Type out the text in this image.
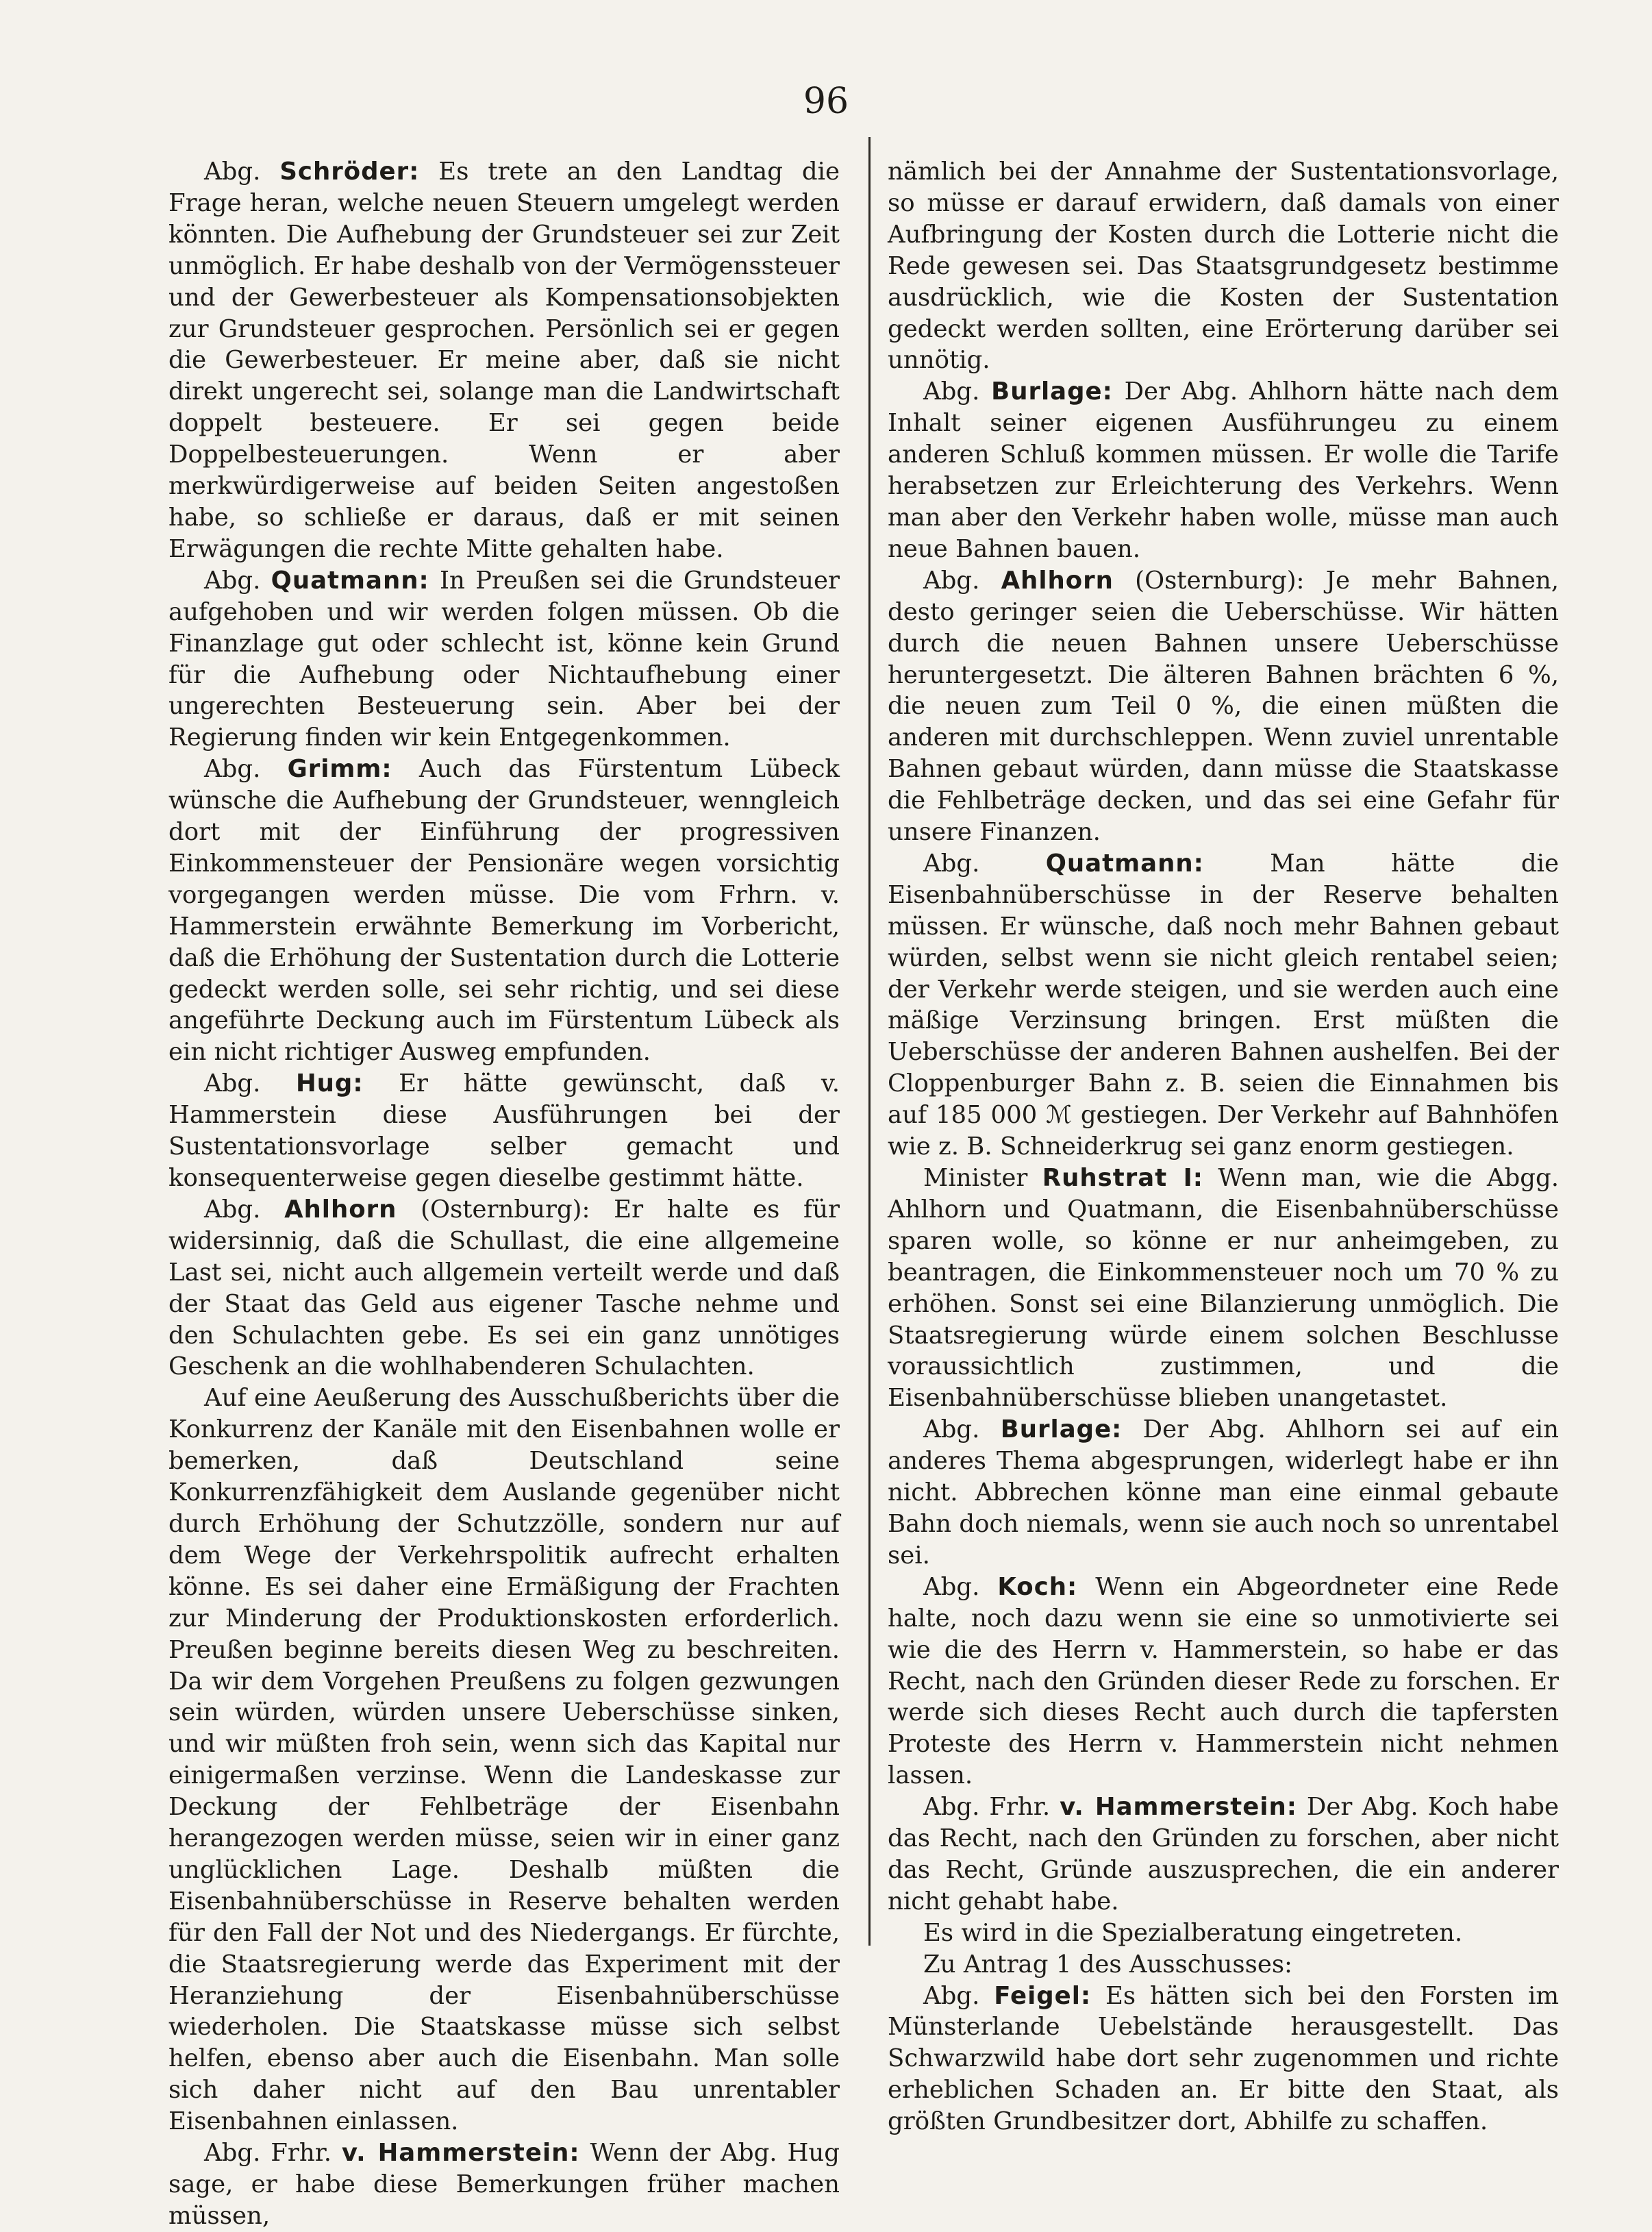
96

Abg. Schröder: Es trete an den Landtag die Frage heran, welche neuen Steuern umgelegt werden könnten. Die Aufhebung der Grundsteuer sei zur Zeit unmöglich. Er habe deshalb von der Vermögenssteuer und der Gewerbesteuer als Kompensationsobjekten zur Grundsteuer gesprochen. Persönlich sei er gegen die Gewerbesteuer. Er meine aber, daß sie nicht direkt ungerecht sei, solange man die Landwirtschaft doppelt besteuere. Er sei gegen beide Doppelbesteuerungen. Wenn er aber merkwürdigerweise auf beiden Seiten angestoßen habe, so schließe er daraus, daß er mit seinen Erwägungen die rechte Mitte gehalten habe.

Abg. Quatmann: In Preußen sei die Grundsteuer aufgehoben und wir werden folgen müssen. Ob die Finanzlage gut oder schlecht ist, könne kein Grund für die Aufhebung oder Nichtaufhebung einer ungerechten Besteuerung sein. Aber bei der Regierung finden wir kein Entgegenkommen.

Abg. Grimm: Auch das Fürstentum Lübeck wünsche die Aufhebung der Grundsteuer, wenngleich dort mit der Einführung der progressiven Einkommensteuer der Pensionäre wegen vorsichtig vorgegangen werden müsse. Die vom Frhrn. v. Hammerstein erwähnte Bemerkung im Vorbericht, daß die Erhöhung der Sustentation durch die Lotterie gedeckt werden solle, sei sehr richtig, und sei diese angeführte Deckung auch im Fürstentum Lübeck als ein nicht richtiger Ausweg empfunden.

Abg. Hug: Er hätte gewünscht, daß v. Hammerstein diese Ausführungen bei der Sustentationsvorlage selber gemacht und konsequenterweise gegen dieselbe gestimmt hätte.

Abg. Ahlhorn (Osternburg): Er halte es für widersinnig, daß die Schullast, die eine allgemeine Last sei, nicht auch allgemein verteilt werde und daß der Staat das Geld aus eigener Tasche nehme und den Schulachten gebe. Es sei ein ganz unnötiges Geschenk an die wohlhabenderen Schulachten.

Auf eine Aeußerung des Ausschußberichts über die Konkurrenz der Kanäle mit den Eisenbahnen wolle er bemerken, daß Deutschland seine Konkurrenzfähigkeit dem Auslande gegenüber nicht durch Erhöhung der Schutzzölle, sondern nur auf dem Wege der Verkehrspolitik aufrecht erhalten könne. Es sei daher eine Ermäßigung der Frachten zur Minderung der Produktionskosten erforderlich. Preußen beginne bereits diesen Weg zu beschreiten. Da wir dem Vorgehen Preußens zu folgen gezwungen sein würden, würden unsere Ueberschüsse sinken, und wir müßten froh sein, wenn sich das Kapital nur einigermaßen verzinse. Wenn die Landeskasse zur Deckung der Fehlbeträge der Eisenbahn herangezogen werden müsse, seien wir in einer ganz unglücklichen Lage. Deshalb müßten die Eisenbahnüberschüsse in Reserve behalten werden für den Fall der Not und des Niedergangs. Er fürchte, die Staatsregierung werde das Experiment mit der Heranziehung der Eisenbahnüberschüsse wiederholen. Die Staatskasse müsse sich selbst helfen, ebenso aber auch die Eisenbahn. Man solle sich daher nicht auf den Bau unrentabler Eisenbahnen einlassen.

Abg. Frhr. v. Hammerstein: Wenn der Abg. Hug sage, er habe diese Bemerkungen früher machen müssen,

nämlich bei der Annahme der Sustentationsvorlage, so müsse er darauf erwidern, daß damals von einer Aufbringung der Kosten durch die Lotterie nicht die Rede gewesen sei. Das Staatsgrundgesetz bestimme ausdrücklich, wie die Kosten der Sustentation gedeckt werden sollten, eine Erörterung darüber sei unnötig.

Abg. Burlage: Der Abg. Ahlhorn hätte nach dem Inhalt seiner eigenen Ausführungeu zu einem anderen Schluß kommen müssen. Er wolle die Tarife herabsetzen zur Erleichterung des Verkehrs. Wenn man aber den Verkehr haben wolle, müsse man auch neue Bahnen bauen.

Abg. Ahlhorn (Osternburg): Je mehr Bahnen, desto geringer seien die Ueberschüsse. Wir hätten durch die neuen Bahnen unsere Ueberschüsse heruntergesetzt. Die älteren Bahnen brächten 6 %, die neuen zum Teil 0 %, die einen müßten die anderen mit durchschleppen. Wenn zuviel unrentable Bahnen gebaut würden, dann müsse die Staatskasse die Fehlbeträge decken, und das sei eine Gefahr für unsere Finanzen.

Abg. Quatmann: Man hätte die Eisenbahnüberschüsse in der Reserve behalten müssen. Er wünsche, daß noch mehr Bahnen gebaut würden, selbst wenn sie nicht gleich rentabel seien; der Verkehr werde steigen, und sie werden auch eine mäßige Verzinsung bringen. Erst müßten die Ueberschüsse der anderen Bahnen aushelfen. Bei der Cloppenburger Bahn z. B. seien die Einnahmen bis auf 185 000 ℳ gestiegen. Der Verkehr auf Bahnhöfen wie z. B. Schneiderkrug sei ganz enorm gestiegen.

Minister Ruhstrat I: Wenn man, wie die Abgg. Ahlhorn und Quatmann, die Eisenbahnüberschüsse sparen wolle, so könne er nur anheimgeben, zu beantragen, die Einkommensteuer noch um 70 % zu erhöhen. Sonst sei eine Bilanzierung unmöglich. Die Staatsregierung würde einem solchen Beschlusse voraussichtlich zustimmen, und die Eisenbahnüberschüsse blieben unangetastet.

Abg. Burlage: Der Abg. Ahlhorn sei auf ein anderes Thema abgesprungen, widerlegt habe er ihn nicht. Abbrechen könne man eine einmal gebaute Bahn doch niemals, wenn sie auch noch so unrentabel sei.

Abg. Koch: Wenn ein Abgeordneter eine Rede halte, noch dazu wenn sie eine so unmotivierte sei wie die des Herrn v. Hammerstein, so habe er das Recht, nach den Gründen dieser Rede zu forschen. Er werde sich dieses Recht auch durch die tapfersten Proteste des Herrn v. Hammerstein nicht nehmen lassen.

Abg. Frhr. v. Hammerstein: Der Abg. Koch habe das Recht, nach den Gründen zu forschen, aber nicht das Recht, Gründe auszusprechen, die ein anderer nicht gehabt habe.

Es wird in die Spezialberatung eingetreten.

Zu Antrag 1 des Ausschusses:

Abg. Feigel: Es hätten sich bei den Forsten im Münsterlande Uebelstände herausgestellt. Das Schwarzwild habe dort sehr zugenommen und richte erheblichen Schaden an. Er bitte den Staat, als größten Grundbesitzer dort, Abhilfe zu schaffen.
